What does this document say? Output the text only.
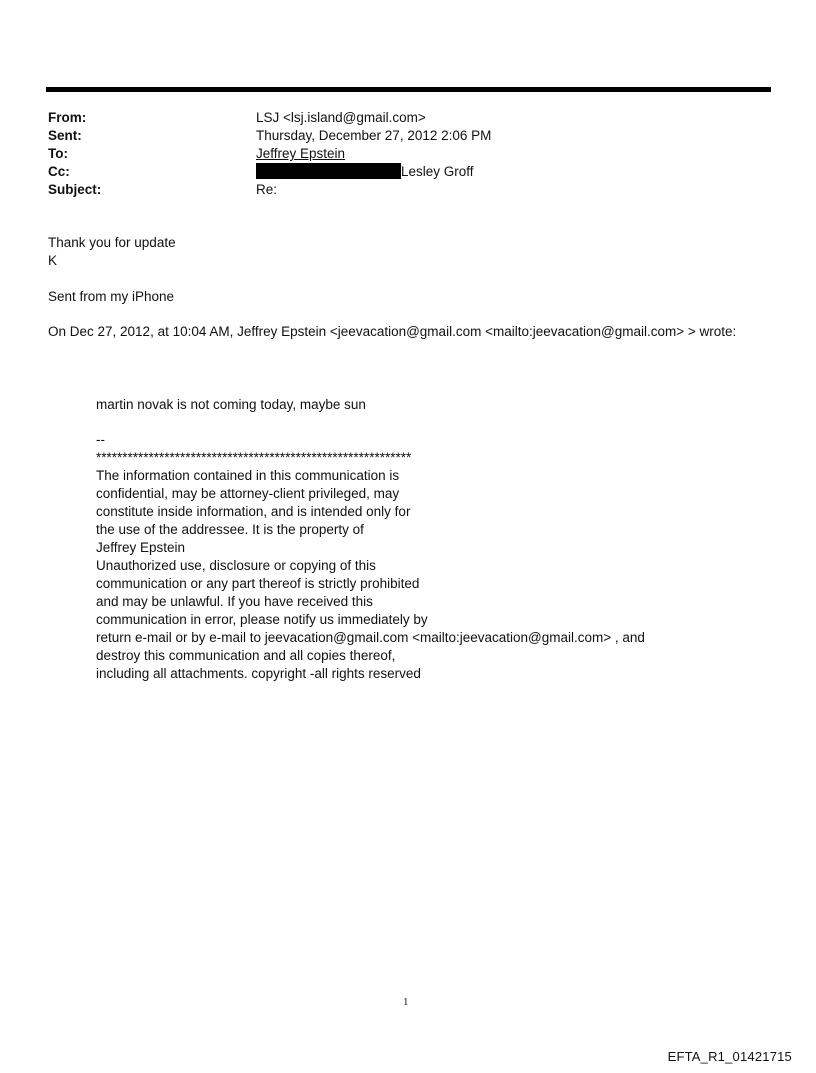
From:	LSJ <lsj.island@gmail.com>
Sent:	Thursday, December 27, 2012 2:06 PM
To:	Jeffrey Epstein
Cc:	Lesley Groff
Subject:	Re:
Thank you for update
K
Sent from my iPhone
On Dec 27, 2012, at 10:04 AM, Jeffrey Epstein <jeevacation@gmail.com <mailto:jeevacation@gmail.com> > wrote:
martin novak is not coming today, maybe sun
--
************************************************************
The information contained in this communication is
confidential, may be attorney-client privileged, may
constitute inside information, and is intended only for
the use of the addressee. It is the property of
Jeffrey Epstein
Unauthorized use, disclosure or copying of this
communication or any part thereof is strictly prohibited
and may be unlawful. If you have received this
communication in error, please notify us immediately by
return e-mail or by e-mail to jeevacation@gmail.com <mailto:jeevacation@gmail.com> , and
destroy this communication and all copies thereof,
including all attachments. copyright -all rights reserved
1
EFTA_R1_01421715
